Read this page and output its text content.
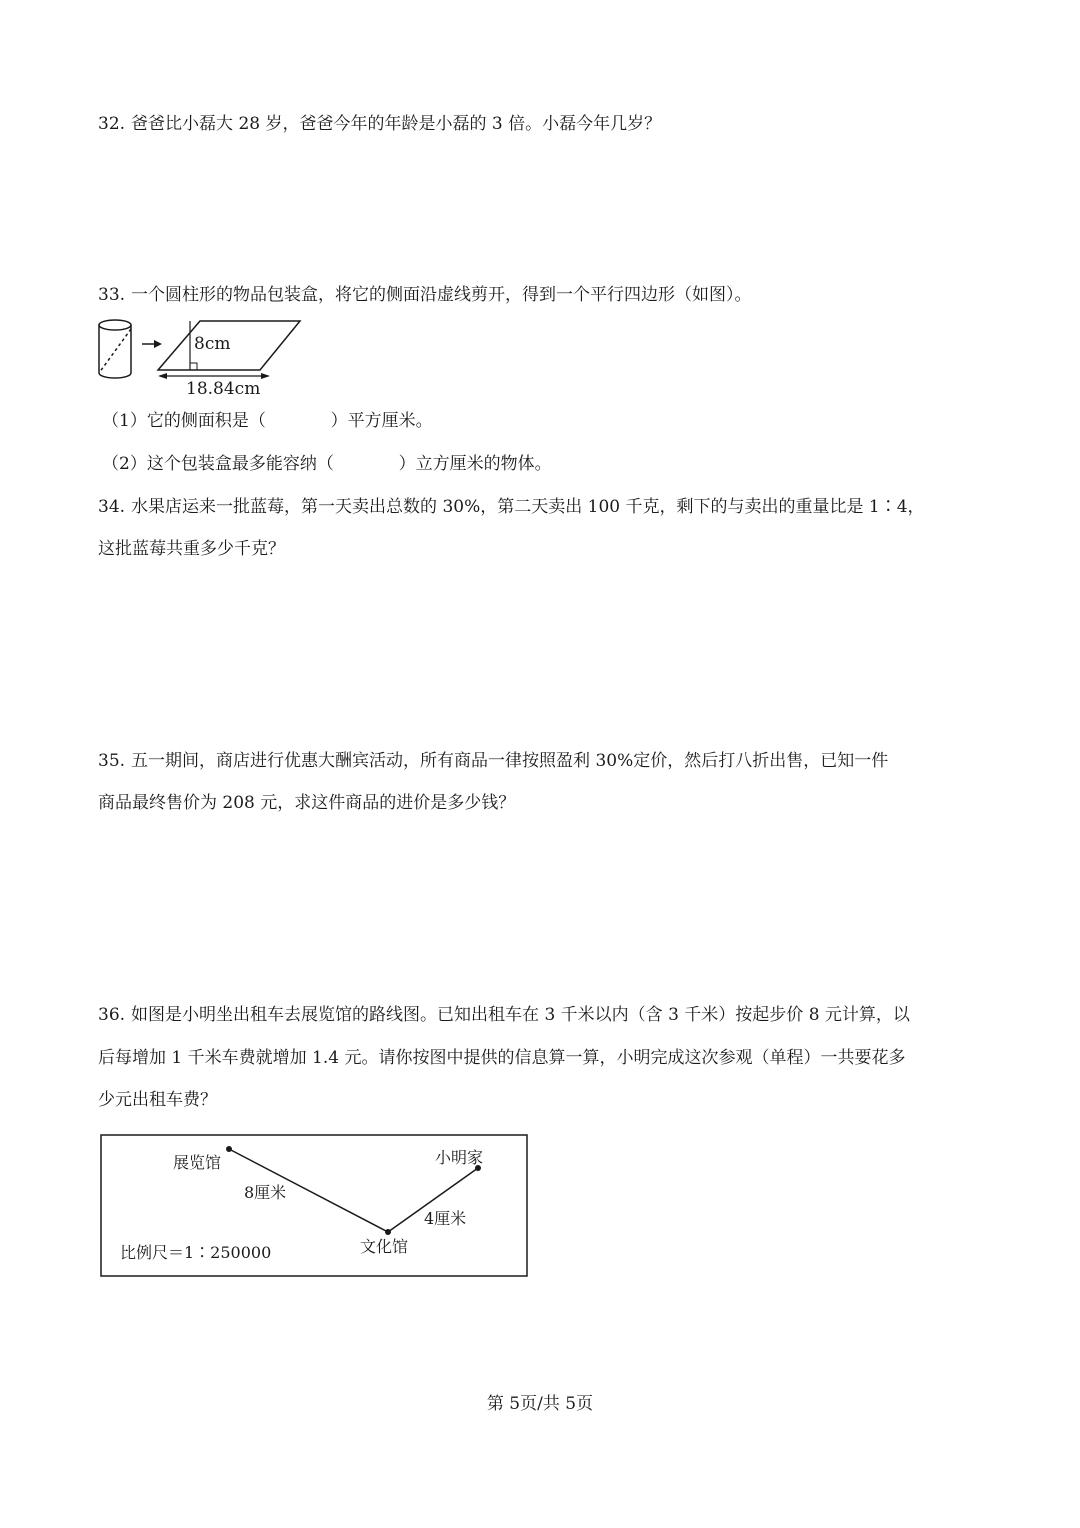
32. 爸爸比小磊大 28 岁，爸爸今年的年龄是小磊的 3 倍。小磊今年几岁？
33. 一个圆柱形的物品包装盒，将它的侧面沿虚线剪开，得到一个平行四边形（如图）。
8cm
18.84cm
（1）它的侧面积是（            ）平方厘米。
（2）这个包装盒最多能容纳（            ）立方厘米的物体。
34. 水果店运来一批蓝莓，第一天卖出总数的 30%，第二天卖出 100 千克，剩下的与卖出的重量比是 1∶4，
这批蓝莓共重多少千克？
35. 五一期间，商店进行优惠大酬宾活动，所有商品一律按照盈利 30%定价，然后打八折出售，已知一件
商品最终售价为 208 元，求这件商品的进价是多少钱？
36. 如图是小明坐出租车去展览馆的路线图。已知出租车在 3 千米以内（含 3 千米）按起步价 8 元计算，以
后每增加 1 千米车费就增加 1.4 元。请你按图中提供的信息算一算，小明完成这次参观（单程）一共要花多
少元出租车费？
展览馆	小明家
文化馆
8厘米
4厘米
比例尺＝1∶250000
第 5页/共 5页
